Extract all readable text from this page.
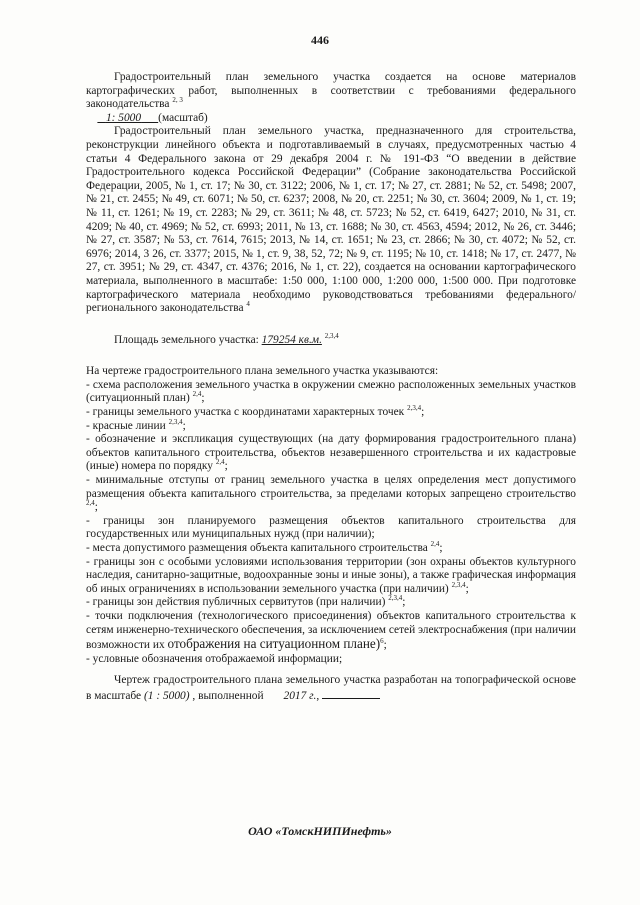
446

Градостроительный план земельного участка создается на основе материалов картографических работ, выполненных в соответствии с требованиями федерального законодательства $^{2, 3}$

1: 5000 (масштаб)

Градостроительный план земельного участка, предназначенного для строительства, реконструкции линейного объекта и подготавливаемый в случаях, предусмотренных частью 4 статьи 4 Федерального закона от 29 декабря 2004 г. № 191-ФЗ “О введении в действие Градостроительного кодекса Российской Федерации” (Собрание законодательства Российской Федерации, 2005, № 1, ст. 17; № 30, ст. 3122; 2006, № 1, ст. 17; № 27, ст. 2881; № 52, ст. 5498; 2007, № 21, ст. 2455; № 49, ст. 6071; № 50, ст. 6237; 2008, № 20, ст. 2251; № 30, ст. 3604; 2009, № 1, ст. 19; № 11, ст. 1261; № 19, ст. 2283; № 29, ст. 3611; № 48, ст. 5723; № 52, ст. 6419, 6427; 2010, № 31, ст. 4209; № 40, ст. 4969; № 52, ст. 6993; 2011, № 13, ст. 1688; № 30, ст. 4563, 4594; 2012, № 26, ст. 3446; № 27, ст. 3587; № 53, ст. 7614, 7615; 2013, № 14, ст. 1651; № 23, ст. 2866; № 30, ст. 4072; № 52, ст. 6976; 2014, 3 26, ст. 3377; 2015, № 1, ст. 9, 38, 52, 72; № 9, ст. 1195; № 10, ст. 1418; № 17, ст. 2477, № 27, ст. 3951; № 29, ст. 4347, ст. 4376; 2016, № 1, ст. 22), создается на основании картографического материала, выполненного в масштабе: 1:50 000, 1:100 000, 1:200 000, 1:500 000. При подготовке картографического материала необходимо руководствоваться требованиями федерального/регионального законодательства $^4$

Площадь земельного участка: 179254 кв.м. $^{2,3,4}$

На чертеже градостроительного плана земельного участка указываются:

- схема расположения земельного участка в окружении смежно расположенных земельных участков (ситуационный план) $^{2,4}$;

- границы земельного участка с координатами характерных точек $^{2,3,4}$;

- красные линии $^{2,3,4}$;

- обозначение и экспликация существующих (на дату формирования градостроительного плана) объектов капитального строительства, объектов незавершенного строительства и их кадастровые (иные) номера по порядку $^{2,4}$;

- минимальные отступы от границ земельного участка в целях определения мест допустимого размещения объекта капитального строительства, за пределами которых запрещено строительство $^{2,4}$;

- границы зон планируемого размещения объектов капитального строительства для государственных или муниципальных нужд (при наличии);

- места допустимого размещения объекта капитального строительства $^{2,4}$;

- границы зон с особыми условиями использования территории (зон охраны объектов культурного наследия, санитарно-защитные, водоохранные зоны и иные зоны), а также графическая информация об иных ограничениях в использовании земельного участка (при наличии) $^{2,3,4}$;

- границы зон действия публичных сервитутов (при наличии) $^{2,3,4}$;

- точки подключения (технологического присоединения) объектов капитального строительства к сетям инженерно-технического обеспечения, за исключением сетей электроснабжения (при наличии возможности их отображения на ситуационном плане)$^6$;

- условные обозначения отображаемой информации;

Чертеж градостроительного плана земельного участка разработан на топографической основе в масштабе (1 : 5000) , выполненной 2017 г.,

ОАО «ТомскНИПИнефть»
